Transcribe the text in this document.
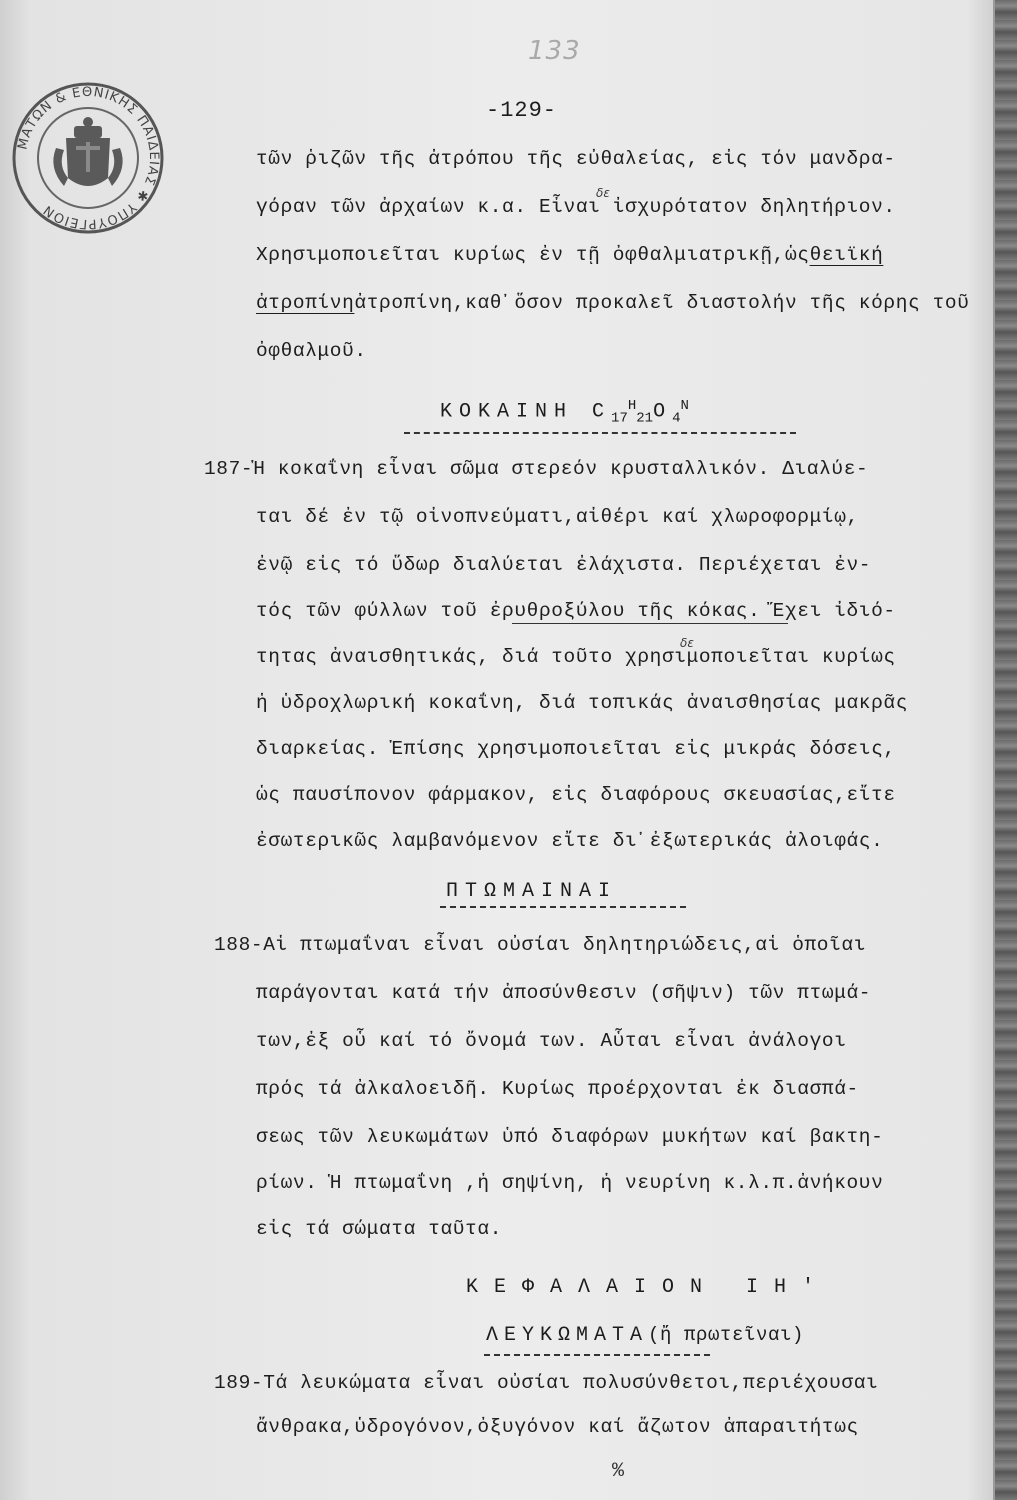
ΜΑΤΩΝ & ΕΘΝΙΚΗΣ ΠΑΙΔΕΙΑΣ ✱ ΥΠΟΥΡΓΕΙΟΝ
133
-129-
τῶν ῥιζῶν τῆς ἀτρόπου τῆς εὐθαλείας, εἰς τόν μανδρα-
δε
γόραν τῶν ἀρχαίων κ.α. Εἶναι ἰσχυρότατον δηλητήριον.
Χρησιμοποιεῖται κυρίως ἐν τῇ ὀφθαλμιατρικῇ,ὡςθειϊκή
ἀτροπίνηἀτροπίνη,καθ᾽ὅσον προκαλεῖ διαστολήν τῆς κόρης τοῦ
ὀφθαλμοῦ.
ΚΟΚΑΙΝΗ $C_{17}^H_{21}O_4^N$
187-Ἡ κοκαΐνη εἶναι σῶμα στερεόν κρυσταλλικόν. Διαλύε-
ται δέ ἐν τῷ οἰνοπνεύματι,αἰθέρι καί χλωροφορμίῳ,
ἐνῷ εἰς τό ὕδωρ διαλύεται ἐλάχιστα. Περιέχεται ἐν-
τός τῶν φύλλων τοῦ ἐρυθροξύλου τῆς κόκας. Ἔχει ἰδιό-
δε
τητας ἀναισθητικάς, διά τοῦτο χρησιμοποιεῖται κυρίως
ἡ ὑδροχλωρική κοκαΐνη, διά τοπικάς ἀναισθησίας μακρᾶς
διαρκείας. Ἐπίσης χρησιμοποιεῖται εἰς μικράς δόσεις,
ὡς παυσίπονον φάρμακον, εἰς διαφόρους σκευασίας,εἴτε
ἐσωτερικῶς λαμβανόμενον εἴτε δι᾽ἐξωτερικάς ἀλοιφάς.
ΠΤΩΜΑΙΝΑΙ
188-Αἱ πτωμαΐναι εἶναι οὐσίαι δηλητηριώδεις,αἱ ὁποῖαι
παράγονται κατά τήν ἀποσύνθεσιν (σῆψιν) τῶν πτωμά-
των,ἐξ οὗ καί τό ὄνομά των. Αὗται εἶναι ἀνάλογοι
πρός τά ἀλκαλοειδῆ. Κυρίως προέρχονται ἐκ διασπά-
σεως τῶν λευκωμάτων ὑπό διαφόρων μυκήτων καί βακτη-
ρίων. Ἡ πτωμαΐνη ,ἡ σηψίνη, ἡ νευρίνη κ.λ.π.ἀνήκουν
εἰς τά σώματα ταῦτα.
ΚΕΦΑΛΑΙΟΝ ΙΗ'
ΛΕΥΚΩΜΑΤΑ(ἤ πρωτεῖναι)
189-Τά λευκώματα εἶναι οὐσίαι πολυσύνθετοι,περιέχουσαι
ἄνθρακα,ὑδρογόνον,ὀξυγόνον καί ἄζωτον ἀπαραιτήτως
%
